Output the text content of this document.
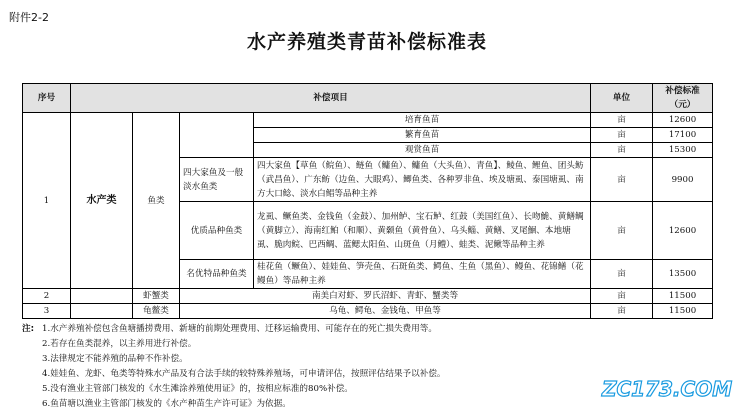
附件2-2
水产养殖类青苗补偿标准表
序号	补偿项目				单位	补偿标准（元）
1	水产类	鱼类		培育鱼苗	亩	12600
				繁育鱼苗	亩	17100
				观赏鱼苗	亩	15300
			四大家鱼及一般淡水鱼类	四大家鱼【草鱼（鲩鱼）、鲢鱼（鳙鱼）、鳙鱼（大头鱼）、青鱼】、鲮鱼、鲤鱼、团头鲂（武昌鱼）、广东鲂（边鱼、大眼鸡）、鲫鱼类、各种罗非鱼、埃及塘虱、泰国塘虱、南方大口鲶、淡水白鲳等品种主养	亩	9900
			优质品种鱼类	龙虱、鳜鱼类、金钱鱼（金鼓）、加州鲈、宝石鲈、红鼓（美国红鱼）、长吻鮠、黄鳝鲷（黄脚立）、海南红鲌（和顺）、黄颡鱼（黄骨鱼）、乌头鲻、黄鳝、叉尾鮰、本地塘虱、脆肉鲩、巴西鲷、蓝鳃太阳鱼、山斑鱼（月鳢）、蛙类、泥鳅等品种主养	亩	12600
			名优特品种鱼类	桂花鱼（鳜鱼）、娃娃鱼、笋壳鱼、石斑鱼类、鳄鱼、生鱼（黑鱼）、鳗鱼、花锦鳝（花鳗鱼）等品种主养	亩	13500
2		虾蟹类	南美白对虾、罗氏沼虾、青虾、蟹类等		亩	11500
3		龟鳖类	乌龟、鳄龟、金钱龟、甲鱼等		亩	11500
注: 1.水产养殖补偿包含鱼塘播捞费用、新塘的前期处理费用、迁移运输费用、可能存在的死亡损失费用等。
2.若存在鱼类混养，以主养用进行补偿。
3.法律规定不能养殖的品种不作补偿。
4.娃娃鱼、龙虾、龟类等特殊水产品及有合法手续的较特殊养殖场，可申请评估，按照评估结果予以补偿。
5.没有渔业主管部门核发的《水生滩涂养殖使用证》的，按相应标准的80%补偿。
6.鱼苗塘以渔业主管部门核发的《水产种苗生产许可证》为依据。
ZC173.COM
